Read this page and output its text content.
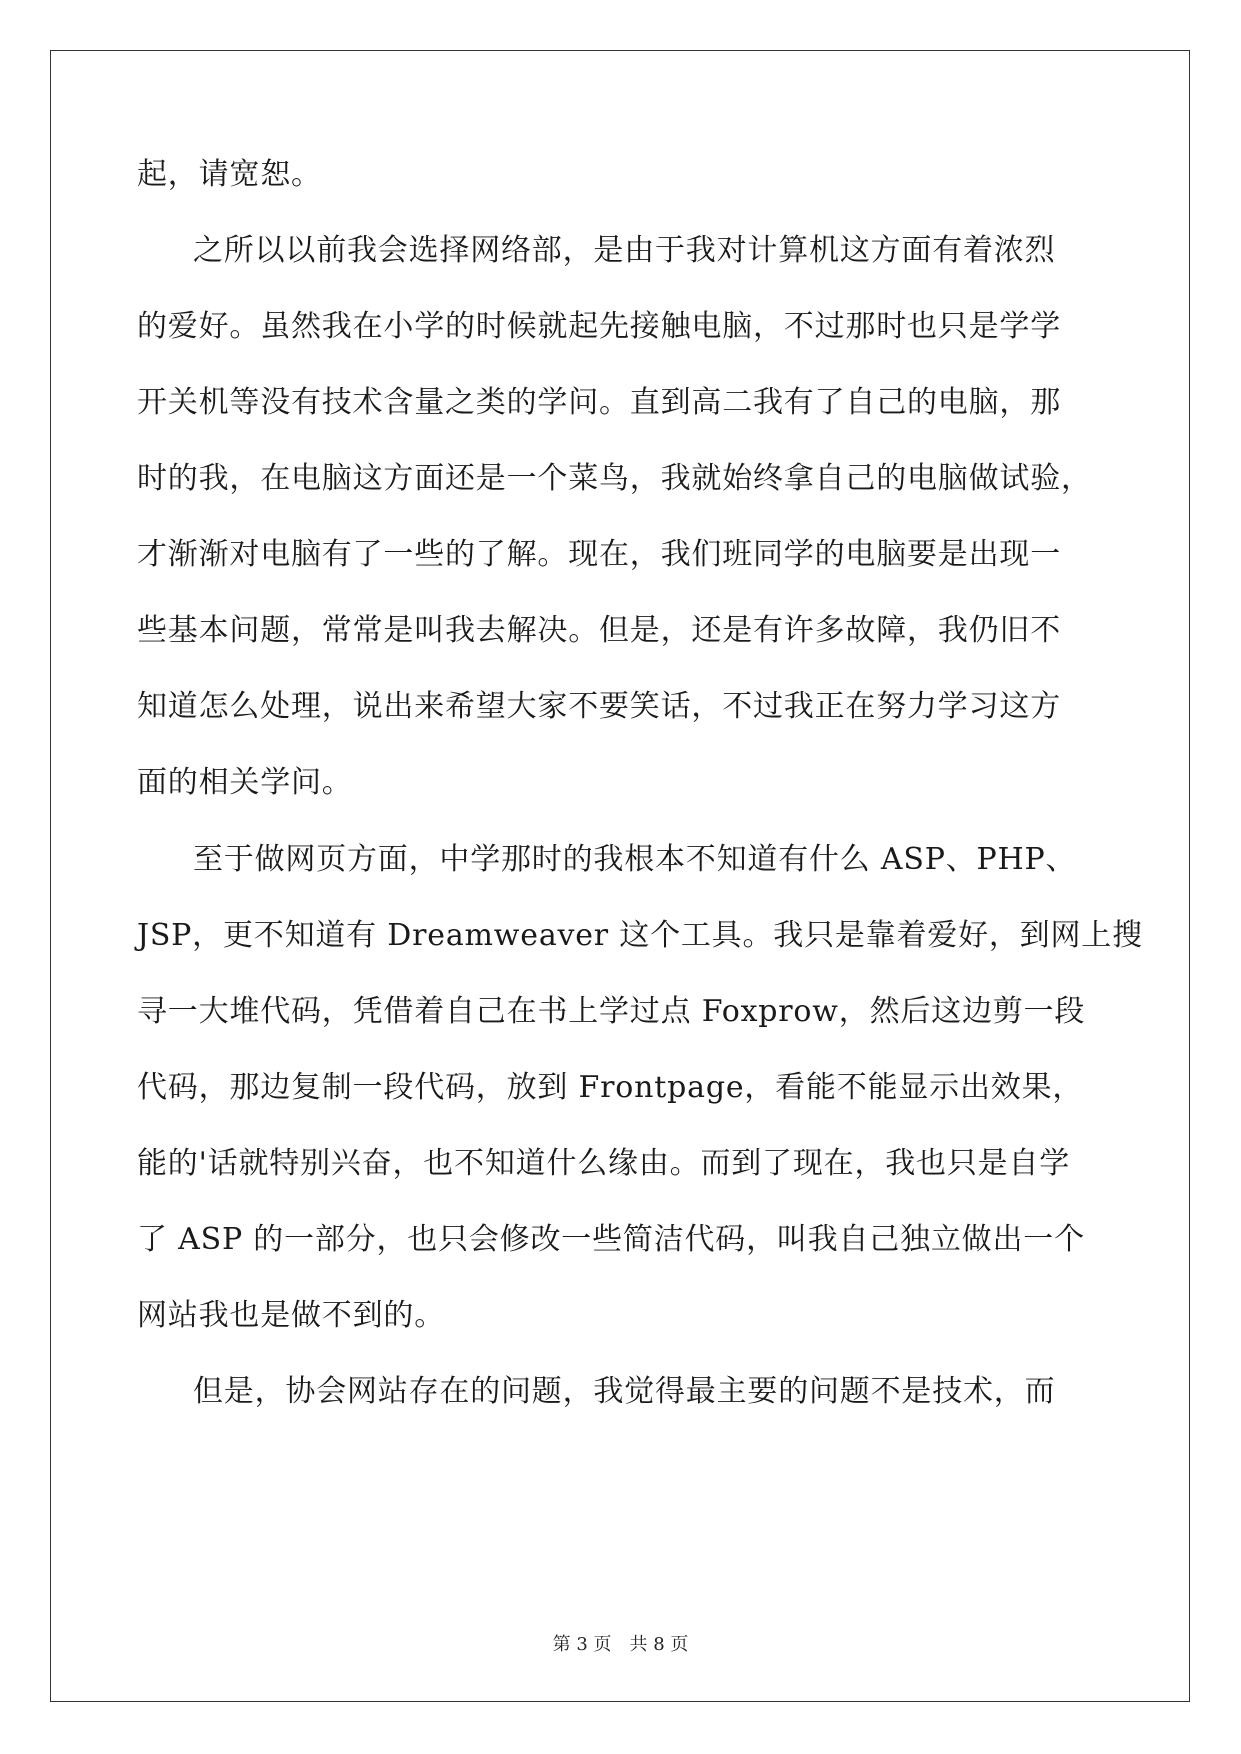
起，请宽恕。
之所以以前我会选择网络部，是由于我对计算机这方面有着浓烈
的爱好。虽然我在小学的时候就起先接触电脑，不过那时也只是学学
开关机等没有技术含量之类的学问。直到高二我有了自己的电脑，那
时的我，在电脑这方面还是一个菜鸟，我就始终拿自己的电脑做试验，
才渐渐对电脑有了一些的了解。现在，我们班同学的电脑要是出现一
些基本问题，常常是叫我去解决。但是，还是有许多故障，我仍旧不
知道怎么处理，说出来希望大家不要笑话，不过我正在努力学习这方
面的相关学问。
至于做网页方面，中学那时的我根本不知道有什么 ASP、PHP、
JSP，更不知道有 Dreamweaver 这个工具。我只是靠着爱好，到网上搜
寻一大堆代码，凭借着自己在书上学过点 Foxprow，然后这边剪一段
代码，那边复制一段代码，放到 Frontpage，看能不能显示出效果，
能的'话就特别兴奋，也不知道什么缘由。而到了现在，我也只是自学
了 ASP 的一部分，也只会修改一些简洁代码，叫我自己独立做出一个
网站我也是做不到的。
但是，协会网站存在的问题，我觉得最主要的问题不是技术，而
第 3 页　共 8 页
